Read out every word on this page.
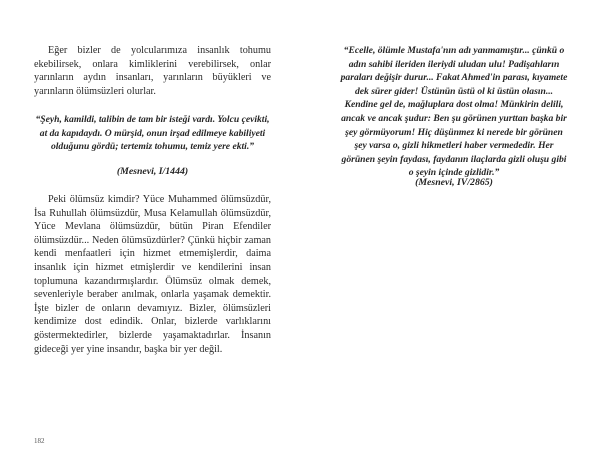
Eğer bizler de yolcularımıza insanlık tohumu ekebilirsek, onlara kimliklerini verebilirsek, onlar yarınların aydın insanları, yarınların büyükleri ve yarınların ölümsüzleri olurlar.

“Şeyh, kamildi, talibin de tam bir isteği vardı. Yolcu çevikti, at da kapıdaydı. O mürşid, onun irşad edilmeye kabiliyeti olduğunu gördü; tertemiz tohumu, temiz yere ekti.”

(Mesnevi, I/1444)

Peki ölümsüz kimdir? Yüce Muhammed ölümsüzdür, İsa Ruhullah ölümsüzdür, Musa Kelamullah ölümsüzdür, Yüce Mevlana ölümsüzdür, bütün Piran Efendiler ölümsüzdür... Neden ölümsüzdürler? Çünkü hiçbir zaman kendi menfaatleri için hizmet etmemişlerdir, daima insanlık için hizmet etmişlerdir ve kendilerini insan toplumuna kazandırmışlardır. Ölümsüz olmak demek, sevenleriyle beraber anılmak, onlarla yaşamak demektir. İşte bizler de onların devamıyız. Bizler, ölümsüzleri kendimize dost edindik. Onlar, bizlerde varlıklarını göstermektedirler, bizlerde yaşamaktadırlar. İnsanın gideceği yer yine insandır, başka bir yer değil.

“Ecelle, ölümle Mustafa'nın adı yanmamıştır... çünkü o adın sahibi ileriden ileriydi uludan ulu! Padişahların paraları değişir durur... Fakat Ahmed'in parası, kıyamete dek sürer gider! Üstünün üstü ol ki üstün olasın... Kendine gel de, mağluplara dost olma! Münkirin delili, ancak ve ancak şudur: Ben şu görünen yurttan başka bir şey görmüyorum! Hiç düşünmez ki nerede bir görünen şey varsa o, gizli hikmetleri haber vermededir. Her görünen şeyin faydası, faydanın ilaçlarda gizli oluşu gibi o şeyin içinde gizlidir.”

(Mesnevi, IV/2865)

182
